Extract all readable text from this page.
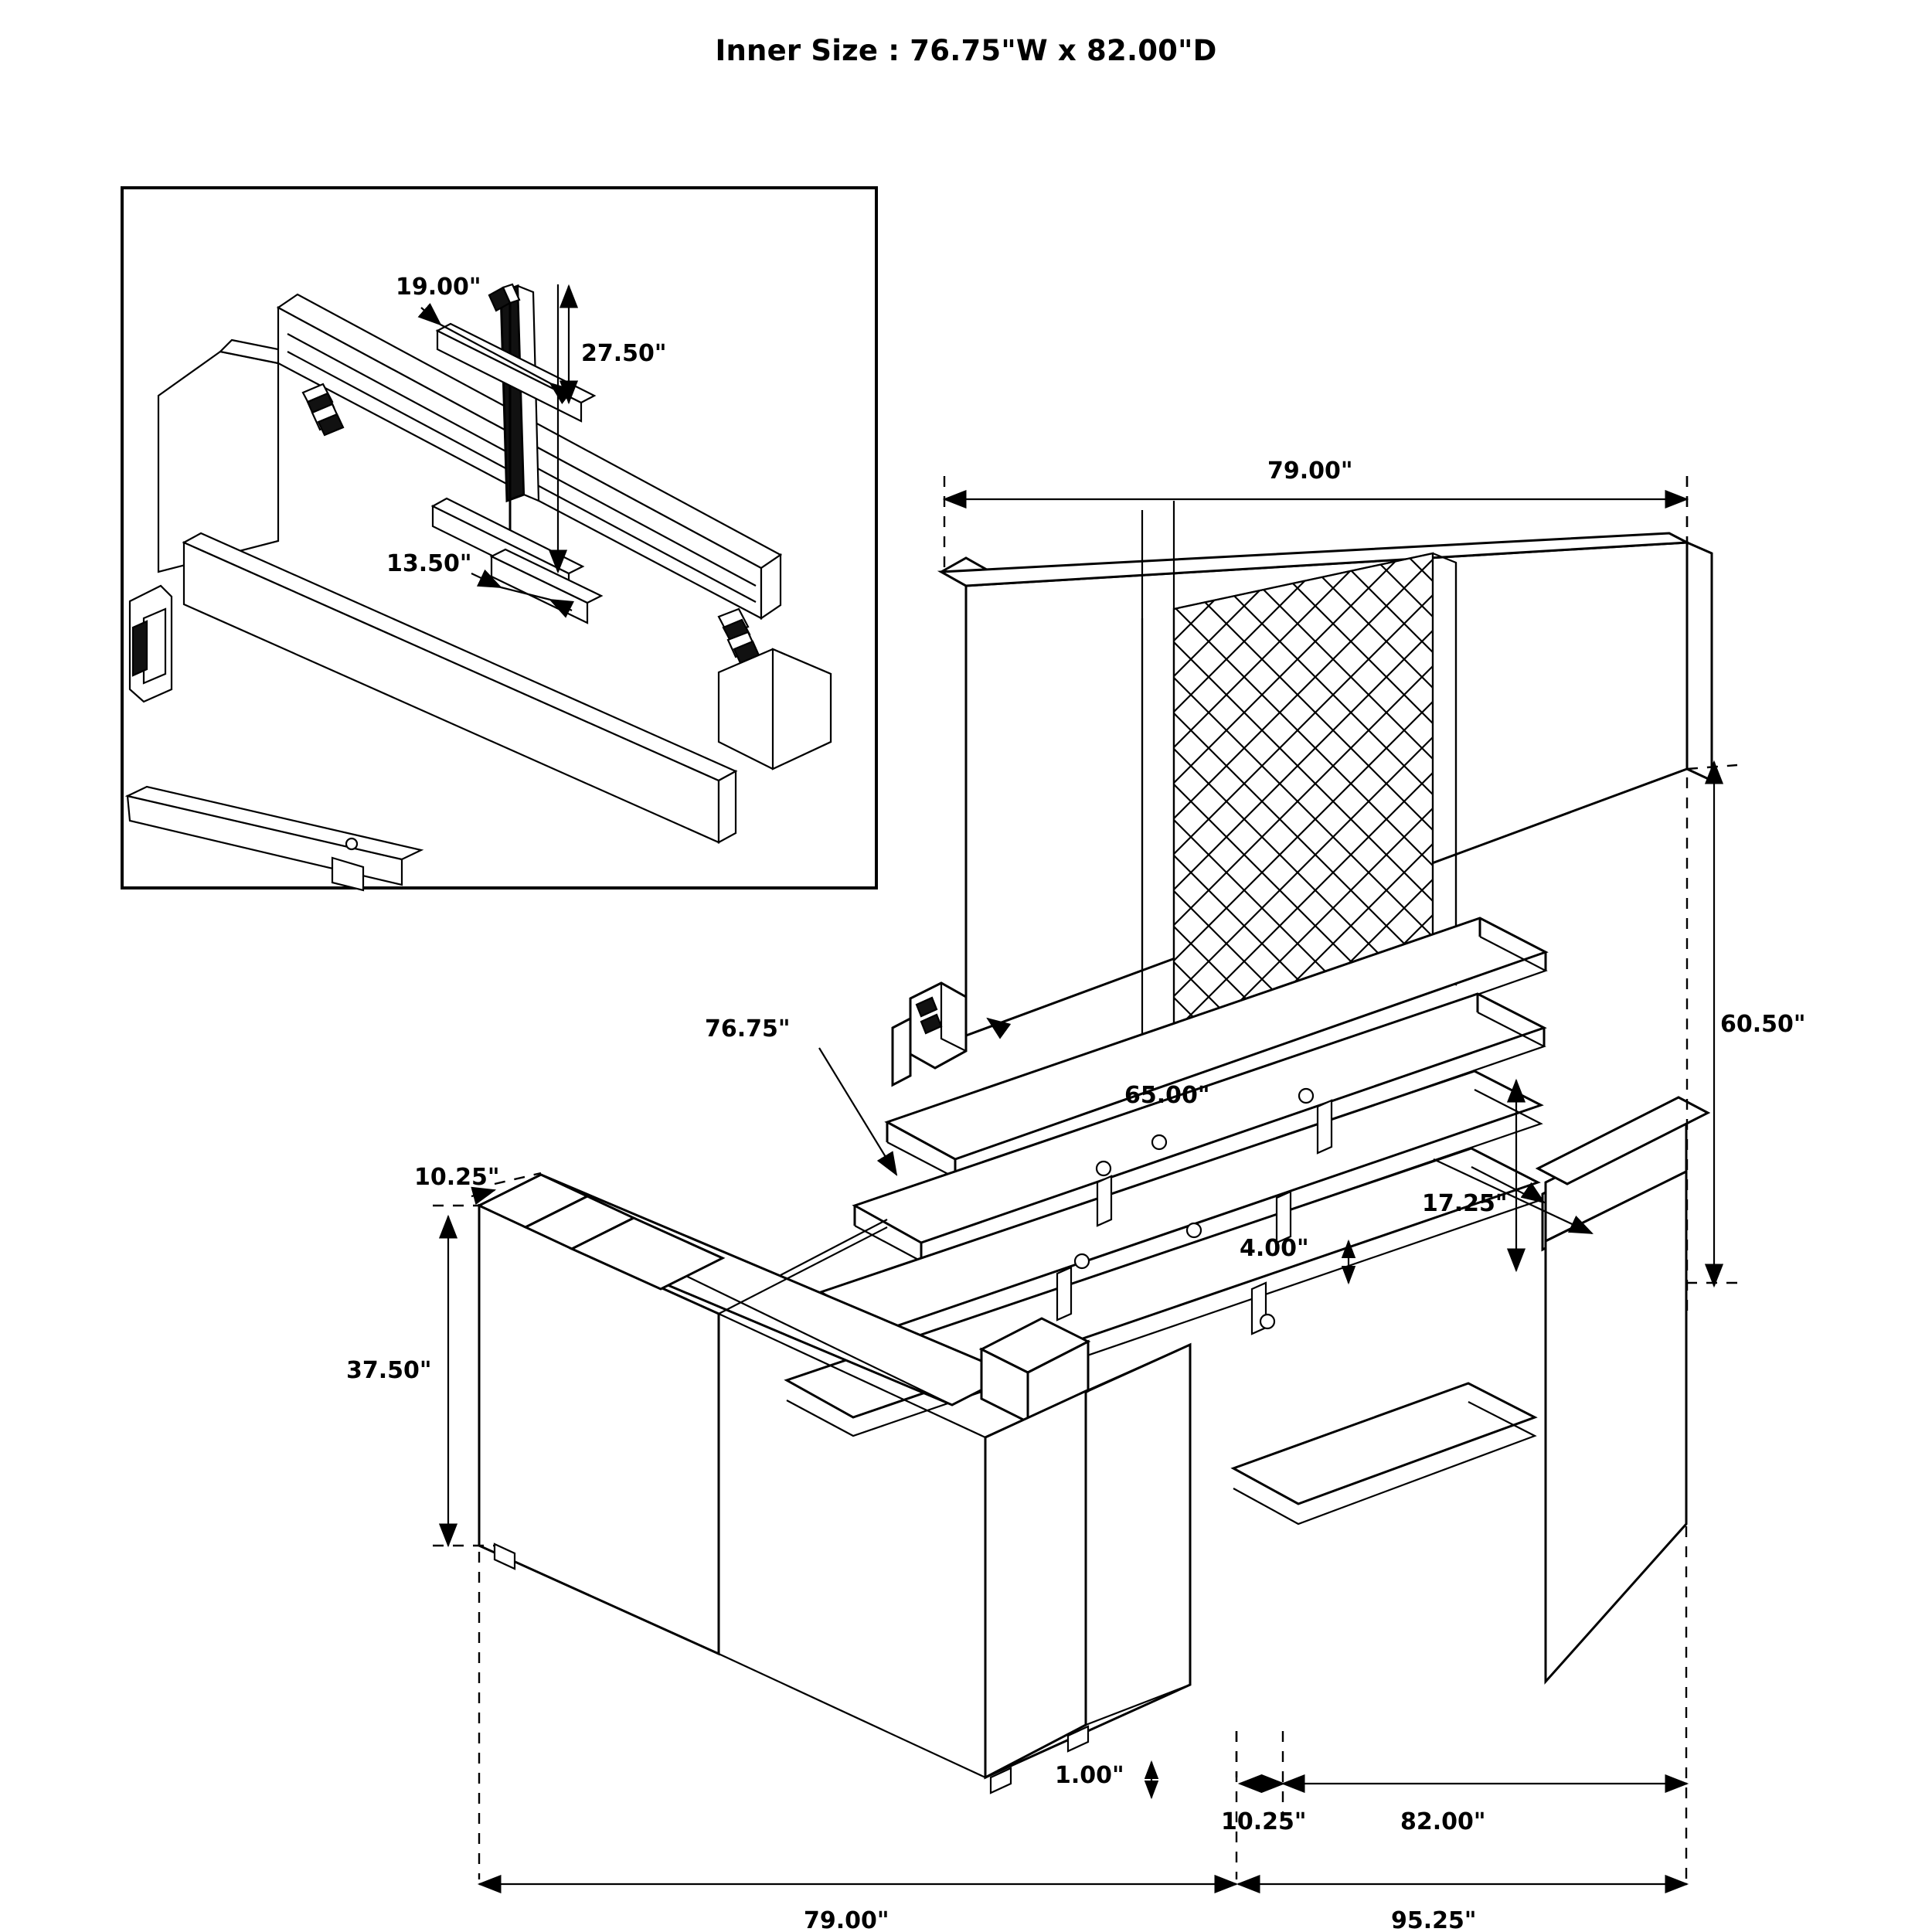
Inner Size : 76.75"W x 82.00"D
19.00"
27.50"
13.50"
79.00"
60.50"
76.75"
65.00"
17.25"
4.00"
10.25"
37.50"
1.00"
10.25"	82.00"
79.00"	95.25"
